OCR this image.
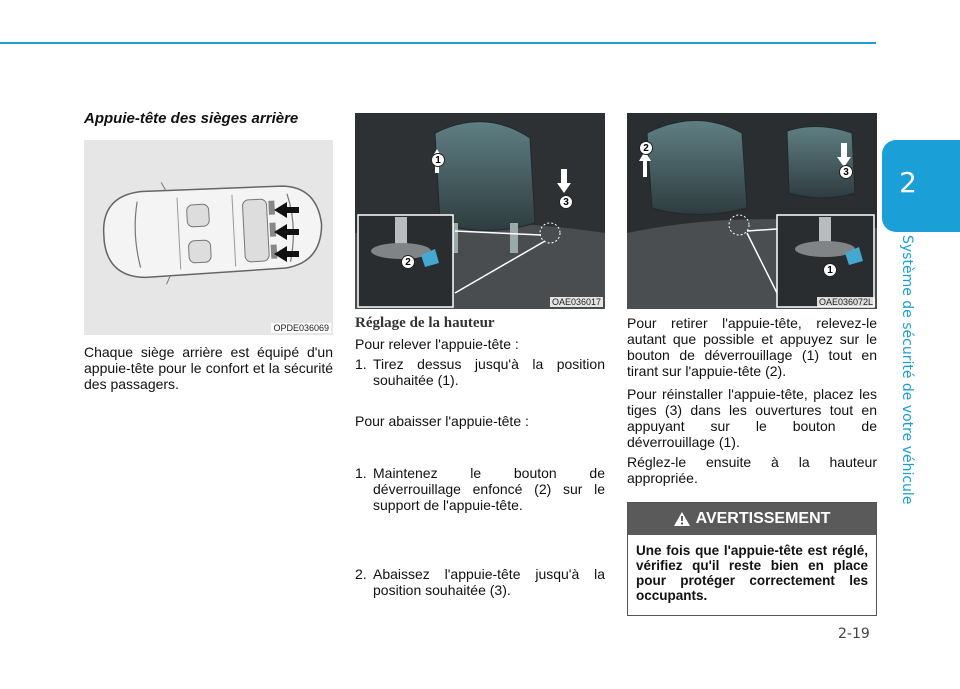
2
Système de sécurité de votre véhicule
2-19
Appuie-tête des sièges arrière
OPDE036069
Chaque siège arrière est équipé d'un appuie-tête pour le confort et la sécurité des passagers.
1
2
3
OAE036017
Réglage de la hauteur
Pour relever l'appuie-tête :
1. Tirez dessus jusqu'à la position souhaitée (1).
Pour abaisser l'appuie-tête :
1. Maintenez le bouton de déverrouillage enfoncé (2) sur le support de l'appuie-tête.
2. Abaissez l'appuie-tête jusqu'à la position souhaitée (3).
1
2
3
OAE036072L
Pour retirer l'appuie-tête, relevez-le autant que possible et appuyez sur le bouton de déverrouillage (1) tout en tirant sur l'appuie-tête (2).
Pour réinstaller l'appuie-tête, placez les tiges (3) dans les ouvertures tout en appuyant sur le bouton de déverrouillage (1).
Réglez-le ensuite à la hauteur appropriée.
AVERTISSEMENT
Une fois que l'appuie-tête est réglé, vérifiez qu'il reste bien en place pour protéger correctement les occupants.
